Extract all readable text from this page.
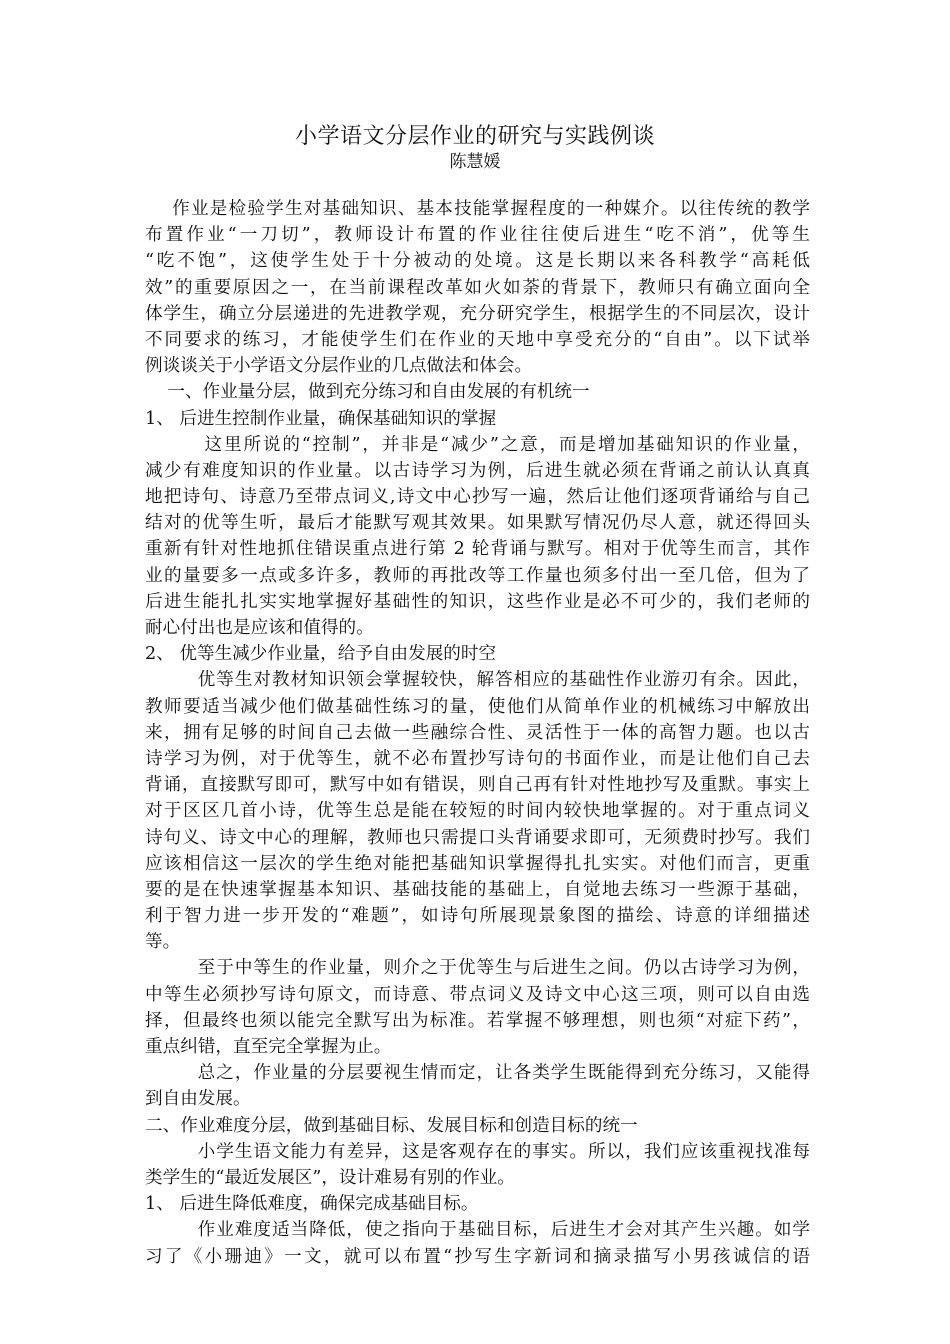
小学语文分层作业的研究与实践例谈
陈慧媛
作业是检验学生对基础知识、基本技能掌握程度的一种媒介。以往传统的教学
布置作业“一刀切”，教师设计布置的作业往往使后进生“吃不消”，优等生
“吃不饱”，这使学生处于十分被动的处境。这是长期以来各科教学“高耗低
效”的重要原因之一，在当前课程改革如火如荼的背景下，教师只有确立面向全
体学生，确立分层递进的先进教学观，充分研究学生，根据学生的不同层次，设计
不同要求的练习，才能使学生们在作业的天地中享受充分的“自由”。以下试举
例谈谈关于小学语文分层作业的几点做法和体会。
一、作业量分层，做到充分练习和自由发展的有机统一
1、 后进生控制作业量，确保基础知识的掌握
这里所说的“控制”，并非是“减少”之意，而是增加基础知识的作业量，
减少有难度知识的作业量。以古诗学习为例，后进生就必须在背诵之前认认真真
地把诗句、诗意乃至带点词义,诗文中心抄写一遍，然后让他们逐项背诵给与自己
结对的优等生听，最后才能默写观其效果。如果默写情况仍尽人意，就还得回头
重新有针对性地抓住错误重点进行第 2 轮背诵与默写。相对于优等生而言，其作
业的量要多一点或多许多，教师的再批改等工作量也须多付出一至几倍，但为了
后进生能扎扎实实地掌握好基础性的知识，这些作业是必不可少的，我们老师的
耐心付出也是应该和值得的。
2、 优等生减少作业量，给予自由发展的时空
优等生对教材知识领会掌握较快，解答相应的基础性作业游刃有余。因此，
教师要适当减少他们做基础性练习的量，使他们从简单作业的机械练习中解放出
来，拥有足够的时间自己去做一些融综合性、灵活性于一体的高智力题。也以古
诗学习为例，对于优等生，就不必布置抄写诗句的书面作业，而是让他们自己去
背诵，直接默写即可，默写中如有错误，则自己再有针对性地抄写及重默。事实上
对于区区几首小诗，优等生总是能在较短的时间内较快地掌握的。对于重点词义
诗句义、诗文中心的理解，教师也只需提口头背诵要求即可，无须费时抄写。我们
应该相信这一层次的学生绝对能把基础知识掌握得扎扎实实。对他们而言，更重
要的是在快速掌握基本知识、基础技能的基础上，自觉地去练习一些源于基础，
利于智力进一步开发的“难题”，如诗句所展现景象图的描绘、诗意的详细描述
等。
至于中等生的作业量，则介之于优等生与后进生之间。仍以古诗学习为例，
中等生必须抄写诗句原文，而诗意、带点词义及诗文中心这三项，则可以自由选
择，但最终也须以能完全默写出为标准。若掌握不够理想，则也须“对症下药”，
重点纠错，直至完全掌握为止。
总之，作业量的分层要视生情而定，让各类学生既能得到充分练习，又能得
到自由发展。
二、作业难度分层，做到基础目标、发展目标和创造目标的统一
小学生语文能力有差异，这是客观存在的事实。所以，我们应该重视找准每
类学生的“最近发展区”，设计难易有别的作业。
1、 后进生降低难度，确保完成基础目标。
作业难度适当降低，使之指向于基础目标，后进生才会对其产生兴趣。如学
习了《小珊迪》一文，就可以布置“抄写生字新词和摘录描写小男孩诚信的语
